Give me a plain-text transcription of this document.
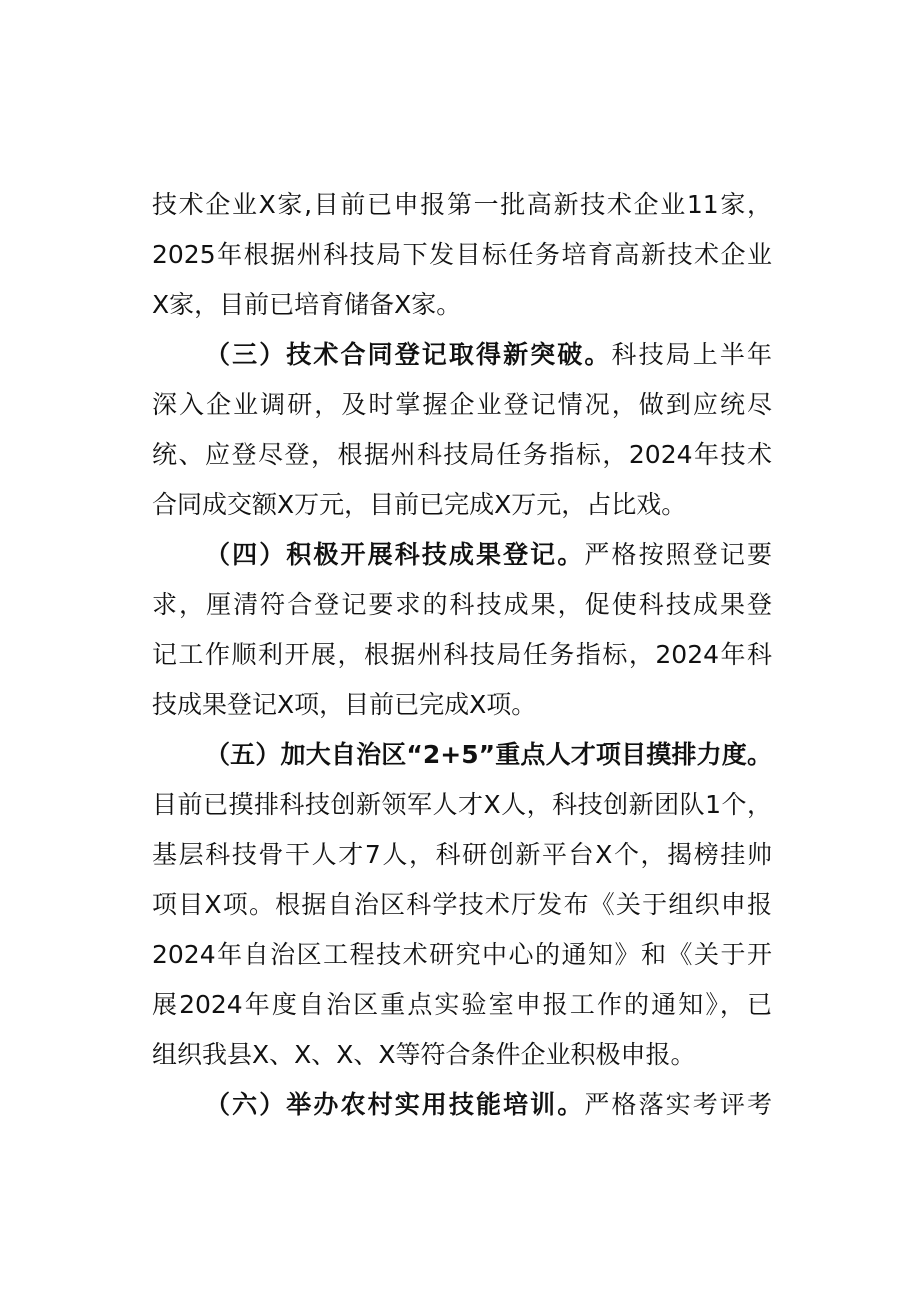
技术企业X家,目前已申报第一批高新技术企业11家，
2025年根据州科技局下发目标任务培育高新技术企业
X家，目前已培育储备X家。
（三）技术合同登记取得新突破。科技局上半年
深入企业调研，及时掌握企业登记情况，做到应统尽
统、应登尽登，根据州科技局任务指标，2024年技术
合同成交额X万元，目前已完成X万元，占比戏。
（四）积极开展科技成果登记。严格按照登记要
求，厘清符合登记要求的科技成果，促使科技成果登
记工作顺利开展，根据州科技局任务指标，2024年科
技成果登记X项，目前已完成X项。
（五）加大自治区“2+5”重点人才项目摸排力度。
目前已摸排科技创新领军人才X人，科技创新团队1个，
基层科技骨干人才7人，科研创新平台X个，揭榜挂帅
项目X项。根据自治区科学技术厅发布《关于组织申报
2024年自治区工程技术研究中心的通知》和《关于开
展2024年度自治区重点实验室申报工作的通知》，已
组织我县X、X、X、X等符合条件企业积极申报。
（六）举办农村实用技能培训。严格落实考评考
